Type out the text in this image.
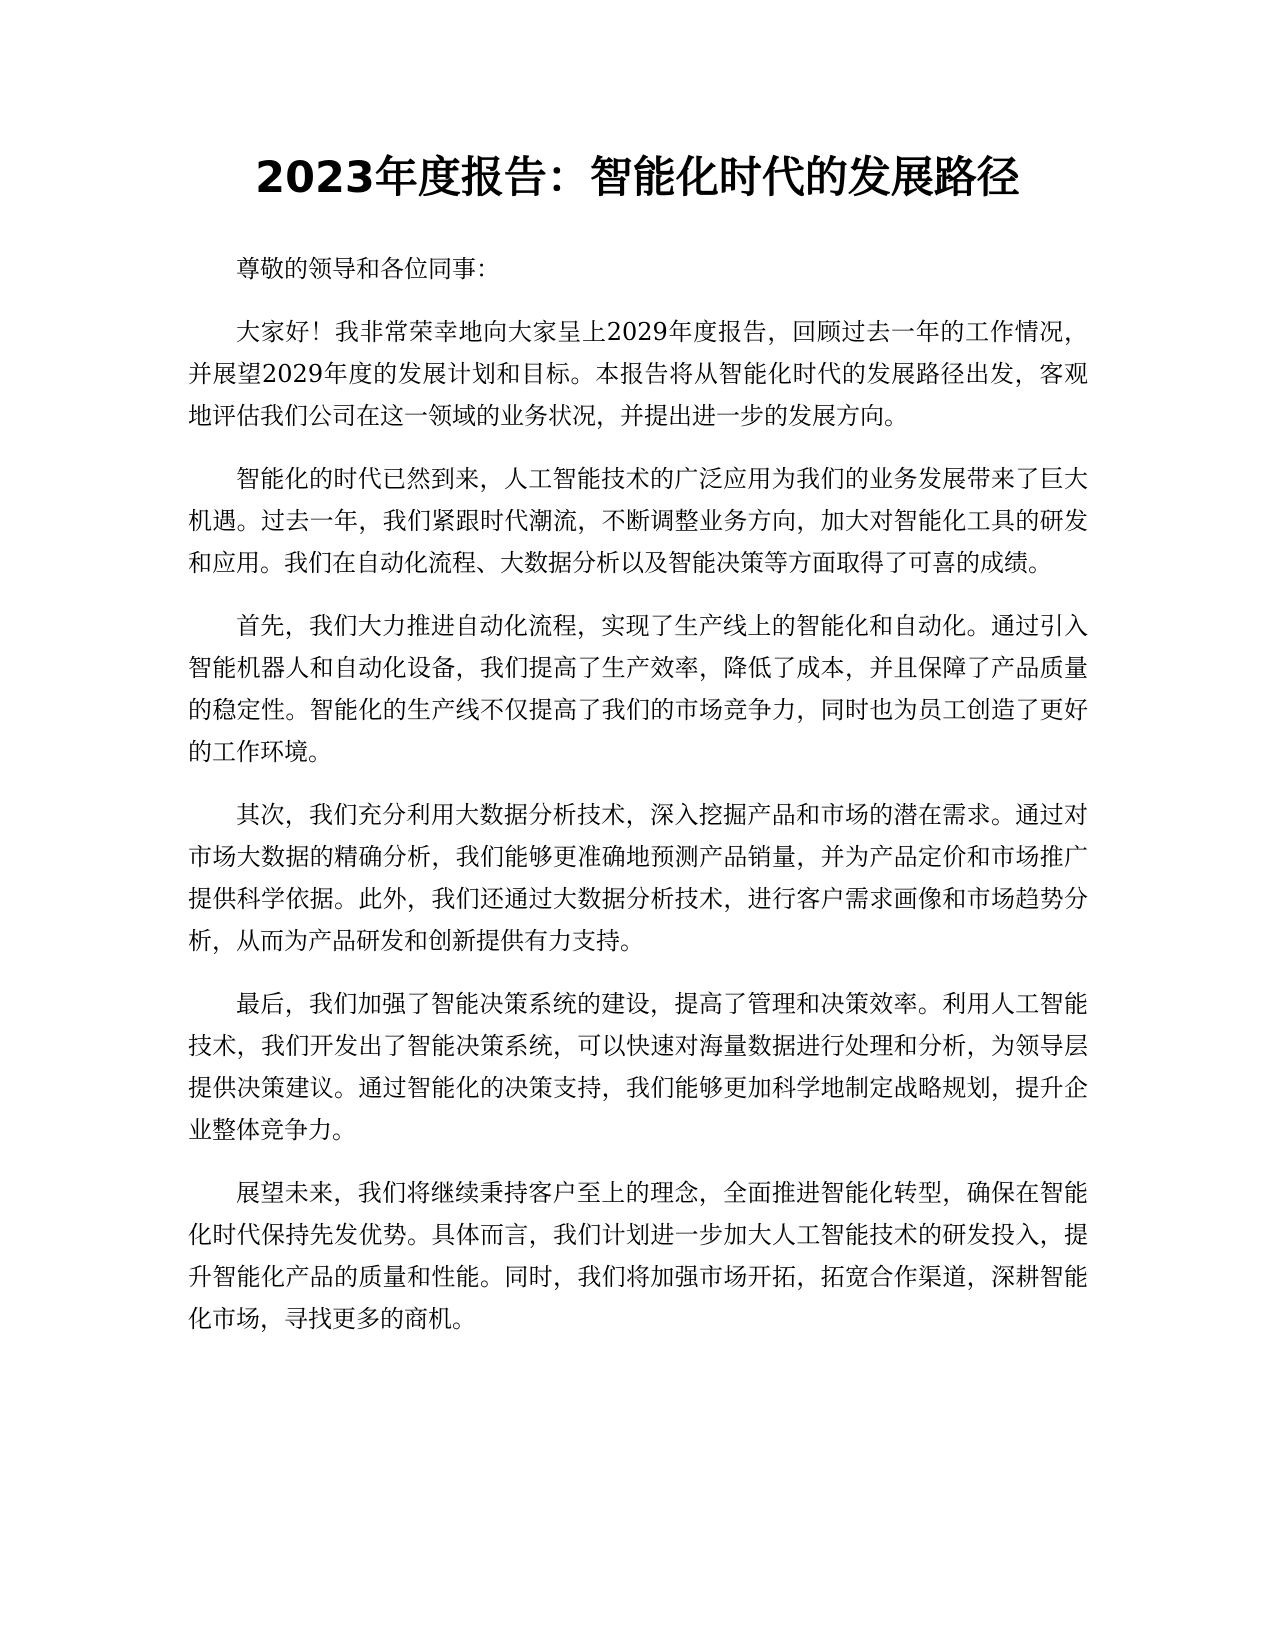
2023年度报告：智能化时代的发展路径

尊敬的领导和各位同事：

大家好！我非常荣幸地向大家呈上2029年度报告，回顾过去一年的工作情况，并展望2029年度的发展计划和目标。本报告将从智能化时代的发展路径出发，客观地评估我们公司在这一领域的业务状况，并提出进一步的发展方向。

智能化的时代已然到来，人工智能技术的广泛应用为我们的业务发展带来了巨大机遇。过去一年，我们紧跟时代潮流，不断调整业务方向，加大对智能化工具的研发和应用。我们在自动化流程、大数据分析以及智能决策等方面取得了可喜的成绩。

首先，我们大力推进自动化流程，实现了生产线上的智能化和自动化。通过引入智能机器人和自动化设备，我们提高了生产效率，降低了成本，并且保障了产品质量的稳定性。智能化的生产线不仅提高了我们的市场竞争力，同时也为员工创造了更好的工作环境。

其次，我们充分利用大数据分析技术，深入挖掘产品和市场的潜在需求。通过对市场大数据的精确分析，我们能够更准确地预测产品销量，并为产品定价和市场推广提供科学依据。此外，我们还通过大数据分析技术，进行客户需求画像和市场趋势分析，从而为产品研发和创新提供有力支持。

最后，我们加强了智能决策系统的建设，提高了管理和决策效率。利用人工智能技术，我们开发出了智能决策系统，可以快速对海量数据进行处理和分析，为领导层提供决策建议。通过智能化的决策支持，我们能够更加科学地制定战略规划，提升企业整体竞争力。

展望未来，我们将继续秉持客户至上的理念，全面推进智能化转型，确保在智能化时代保持先发优势。具体而言，我们计划进一步加大人工智能技术的研发投入，提升智能化产品的质量和性能。同时，我们将加强市场开拓，拓宽合作渠道，深耕智能化市场，寻找更多的商机。
